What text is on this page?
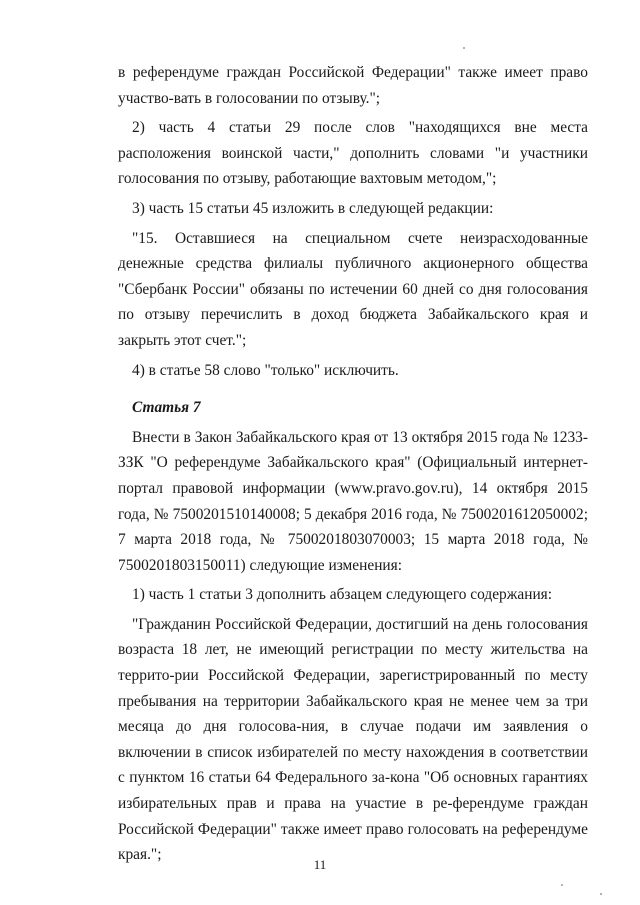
в референдуме граждан Российской Федерации" также имеет право участво-вать в голосовании по отзыву.";

2) часть 4 статьи 29 после слов "находящихся вне места расположения воинской части," дополнить словами "и участники голосования по отзыву, работающие вахтовым методом,";

3) часть 15 статьи 45 изложить в следующей редакции:

"15. Оставшиеся на специальном счете неизрасходованные денежные средства филиалы публичного акционерного общества "Сбербанк России" обязаны по истечении 60 дней со дня голосования по отзыву перечислить в доход бюджета Забайкальского края и закрыть этот счет.";

4) в статье 58 слово "только" исключить.

Статья 7

Внести в Закон Забайкальского края от 13 октября 2015 года № 1233-ЗЗК "О референдуме Забайкальского края" (Официальный интернет-портал правовой информации (www.pravo.gov.ru), 14 октября 2015 года, № 7500201510140008; 5 декабря 2016 года, № 7500201612050002; 7 марта 2018 года, № 7500201803070003; 15 марта 2018 года, № 7500201803150011) следующие изменения:

1) часть 1 статьи 3 дополнить абзацем следующего содержания:

"Гражданин Российской Федерации, достигший на день голосования возраста 18 лет, не имеющий регистрации по месту жительства на террито-рии Российской Федерации, зарегистрированный по месту пребывания на территории Забайкальского края не менее чем за три месяца до дня голосова-ния, в случае подачи им заявления о включении в список избирателей по месту нахождения в соответствии с пунктом 16 статьи 64 Федерального за-кона "Об основных гарантиях избирательных прав и права на участие в ре-ферендуме граждан Российской Федерации" также имеет право голосовать на референдуме края.";

11
